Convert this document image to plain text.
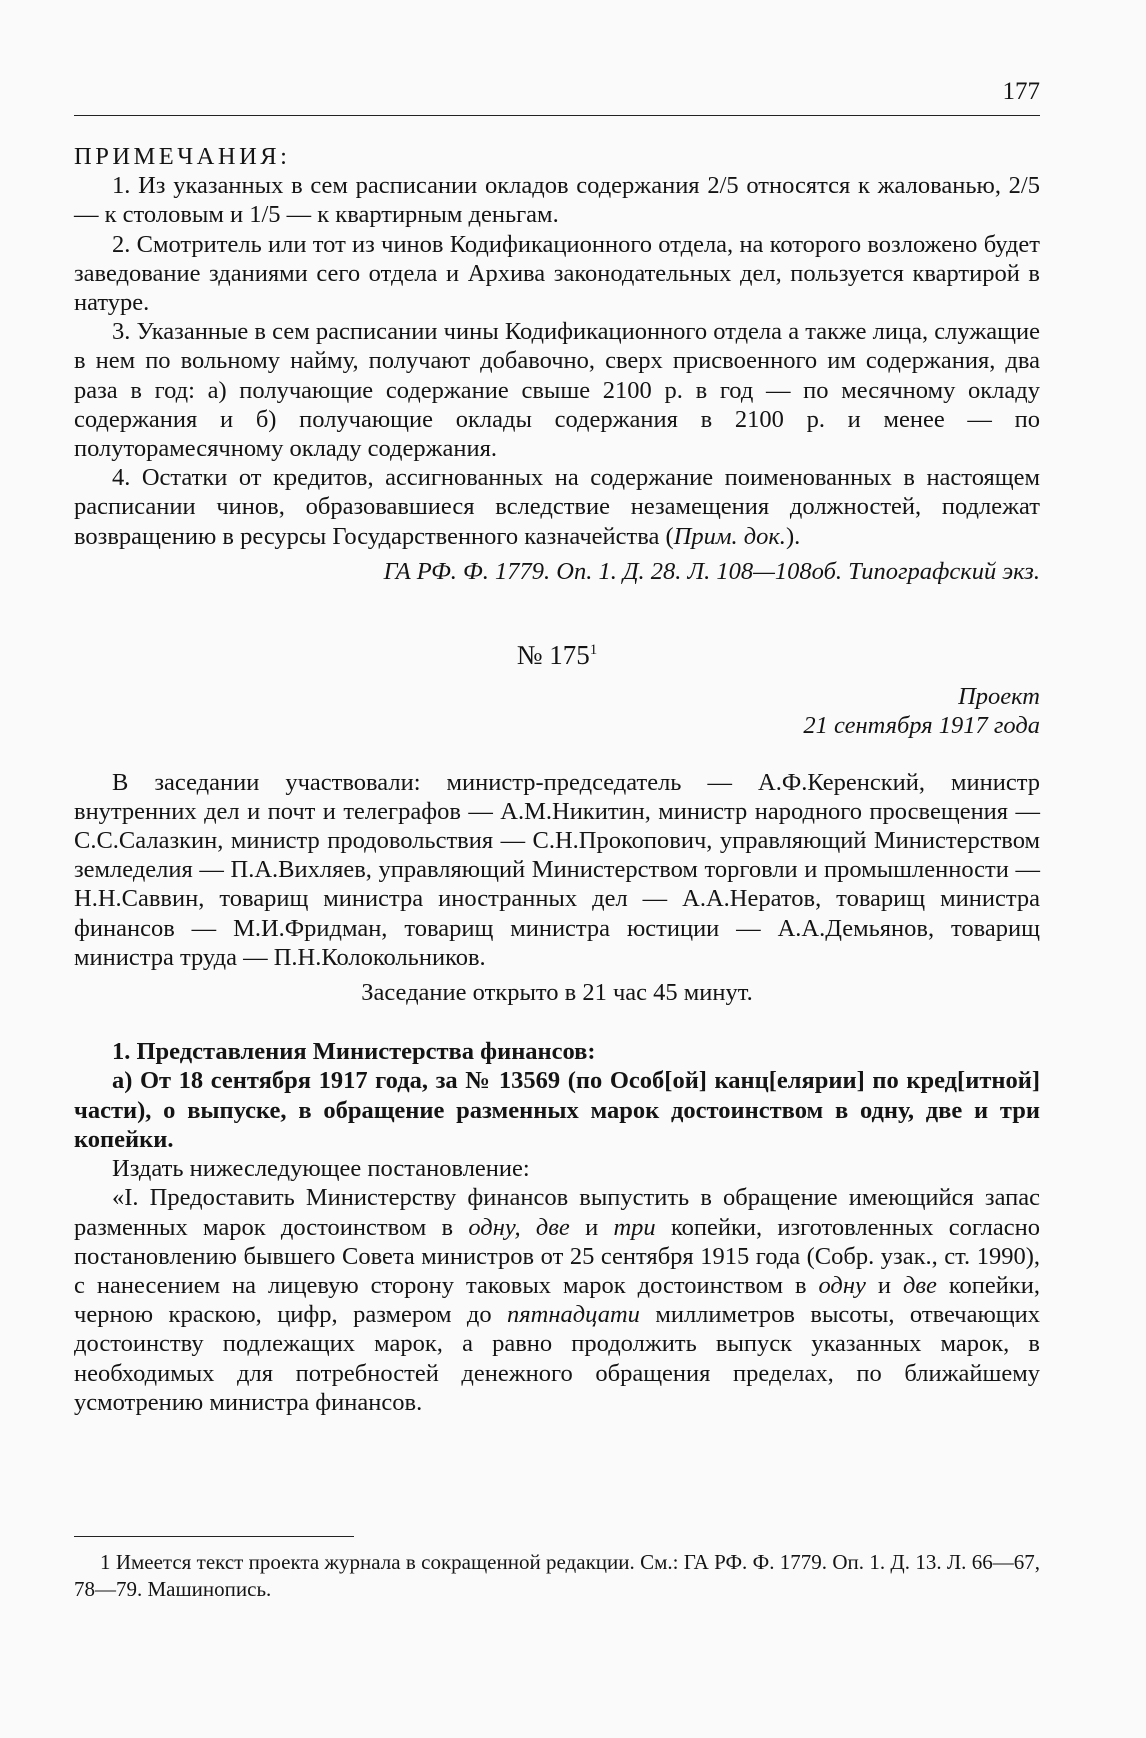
177

ПРИМЕЧАНИЯ:

1. Из указанных в сем расписании окладов содержания 2/5 относятся к жалованью, 2/5 — к столовым и 1/5 — к квартирным деньгам.

2. Смотритель или тот из чинов Кодификационного отдела, на которого возложено будет заведование зданиями сего отдела и Архива законодательных дел, пользуется квартирой в натуре.

3. Указанные в сем расписании чины Кодификационного отдела а также лица, служащие в нем по вольному найму, получают добавочно, сверх присвоенного им содержания, два раза в год: а) получающие содержание свыше 2100 р. в год — по месячному окладу содержания и б) получающие оклады содержания в 2100 р. и менее — по полуторамесячному окладу содержания.

4. Остатки от кредитов, ассигнованных на содержание поименованных в настоящем расписании чинов, образовавшиеся вследствие незамещения должностей, подлежат возвращению в ресурсы Государственного казначейства (Прим. док.).

ГА РФ. Ф. 1779. Оп. 1. Д. 28. Л. 108—108об. Типографский экз.

№ $175^1$

Проект

21 сентября 1917 года

В заседании участвовали: министр-председатель — А.Ф.Керенский, министр внутренних дел и почт и телеграфов — А.М.Никитин, министр народного просвещения — С.С.Салазкин, министр продовольствия — С.Н.Прокопович, управляющий Министерством земледелия — П.А.Вихляев, управляющий Министерством торговли и промышленности — Н.Н.Саввин, товарищ министра иностранных дел — А.А.Нератов, товарищ министра финансов — М.И.Фридман, товарищ министра юстиции — А.А.Демьянов, товарищ министра труда — П.Н.Колокольников.

Заседание открыто в 21 час 45 минут.

1. Представления Министерства финансов:

а) От 18 сентября 1917 года, за № 13569 (по Особ[ой] канц[елярии] по кред[итной] части), о выпуске, в обращение разменных марок достоинством в одну, две и три копейки.

Издать нижеследующее постановление:

«I. Предоставить Министерству финансов выпустить в обращение имеющийся запас разменных марок достоинством в одну, две и три копейки, изготовленных согласно постановлению бывшего Совета министров от 25 сентября 1915 года (Собр. узак., ст. 1990), с нанесением на лицевую сторону таковых марок достоинством в одну и две копейки, черною краскою, цифр, размером до пятнадцати миллиметров высоты, отвечающих достоинству подлежащих марок, а равно продолжить выпуск указанных марок, в необходимых для потребностей денежного обращения пределах, по ближайшему усмотрению министра финансов.

1 Имеется текст проекта журнала в сокращенной редакции. См.: ГА РФ. Ф. 1779. Оп. 1. Д. 13. Л. 66—67, 78—79. Машинопись.
